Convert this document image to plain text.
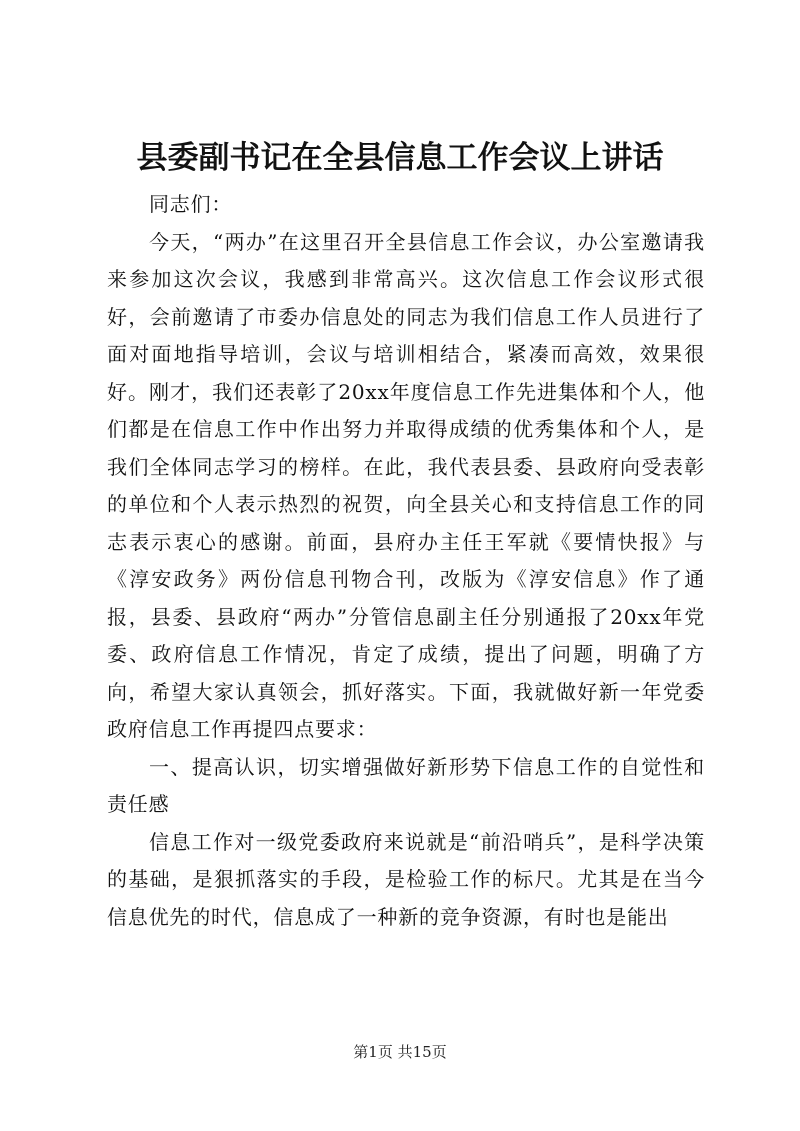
县委副书记在全县信息工作会议上讲话

同志们：

今天，“两办”在这里召开全县信息工作会议，办公室邀请我来参加这次会议，我感到非常高兴。这次信息工作会议形式很好，会前邀请了市委办信息处的同志为我们信息工作人员进行了面对面地指导培训，会议与培训相结合，紧凑而高效，效果很好。刚才，我们还表彰了20xx年度信息工作先进集体和个人，他们都是在信息工作中作出努力并取得成绩的优秀集体和个人，是我们全体同志学习的榜样。在此，我代表县委、县政府向受表彰的单位和个人表示热烈的祝贺，向全县关心和支持信息工作的同志表示衷心的感谢。前面，县府办主任王军就《要情快报》与《淳安政务》两份信息刊物合刊，改版为《淳安信息》作了通报，县委、县政府“两办”分管信息副主任分别通报了20xx年党委、政府信息工作情况，肯定了成绩，提出了问题，明确了方向，希望大家认真领会，抓好落实。下面，我就做好新一年党委政府信息工作再提四点要求：

一、提高认识，切实增强做好新形势下信息工作的自觉性和责任感

信息工作对一级党委政府来说就是“前沿哨兵”，是科学决策的基础，是狠抓落实的手段，是检验工作的标尺。尤其是在当今信息优先的时代，信息成了一种新的竞争资源，有时也是能出

第1页 共15页
